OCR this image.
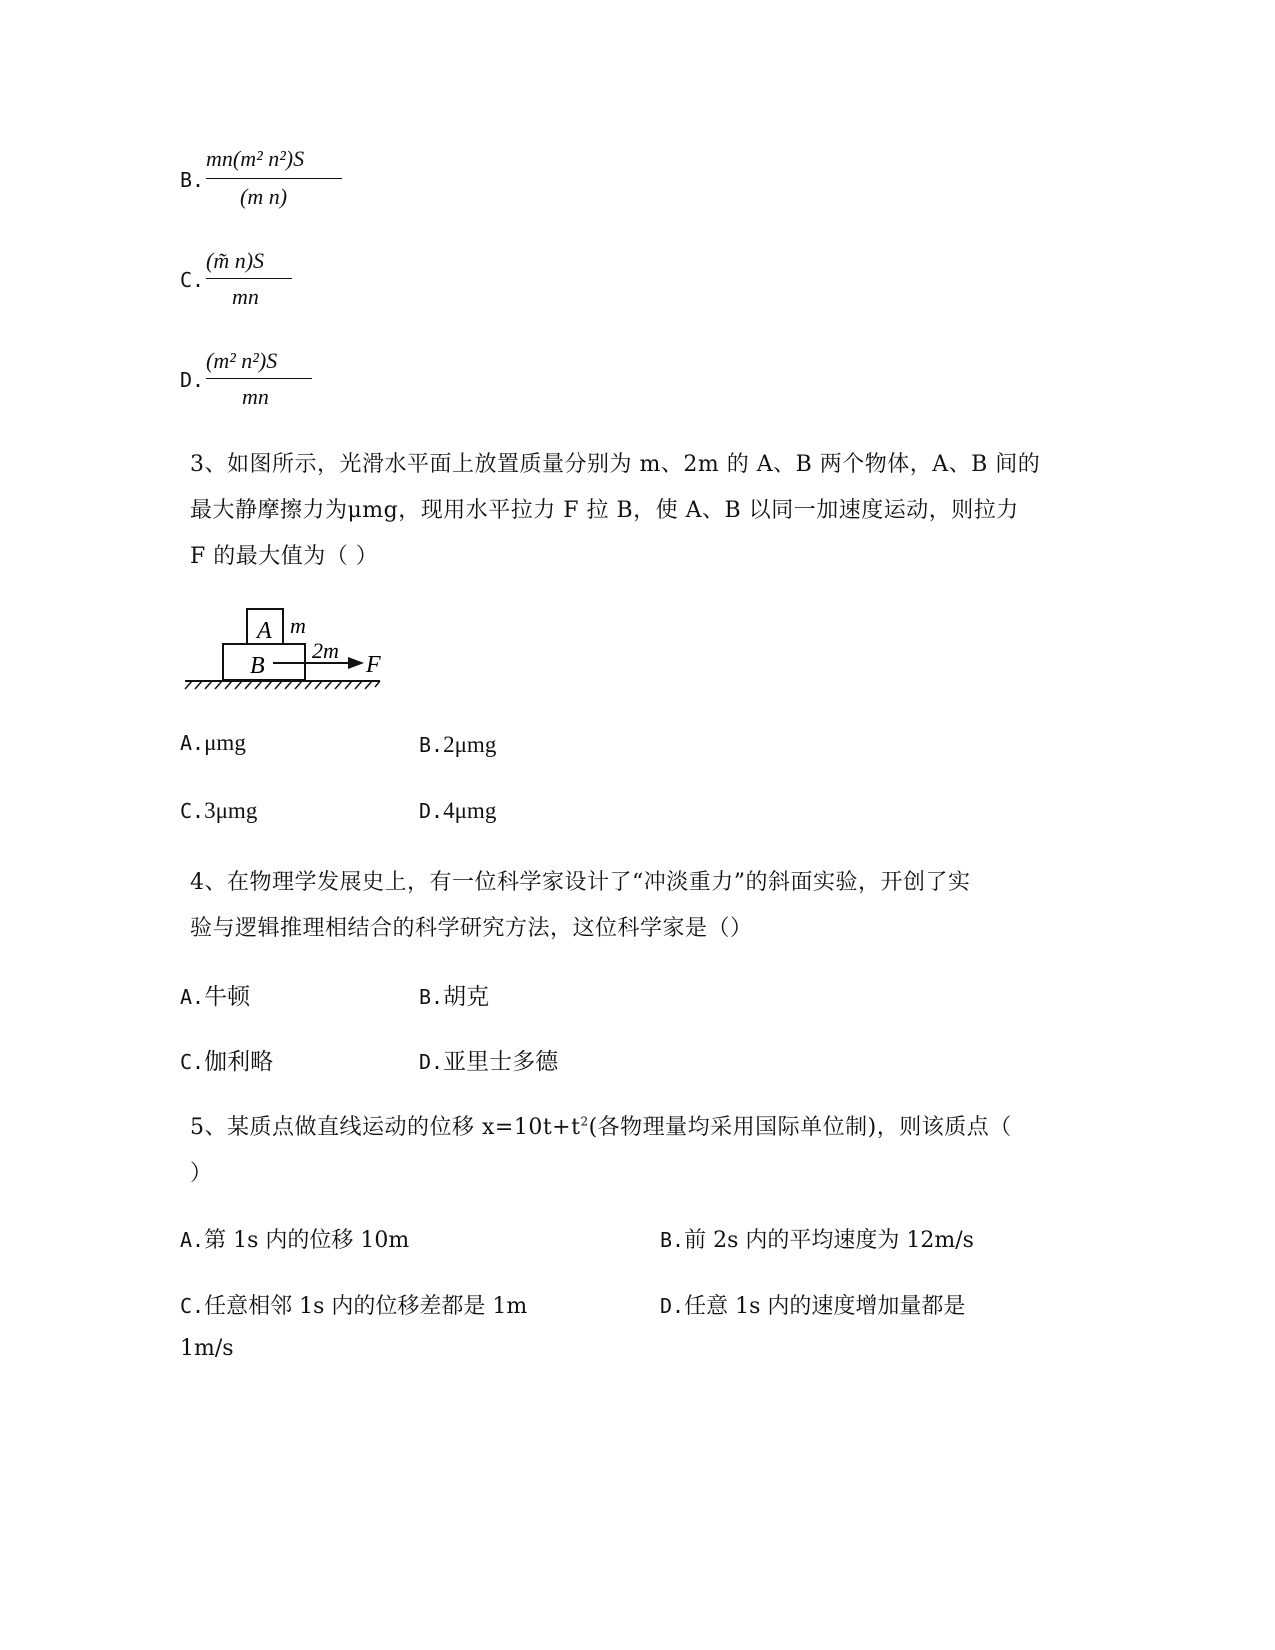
B.
mn(m² n²)S
(m n)
C.
(m̃ n)S
mn
D.
(m² n²)S
mn
3、如图所示，光滑水平面上放置质量分别为 m、2m 的 A、B 两个物体，A、B 间的
最大静摩擦力为μmg，现用水平拉力 F 拉 B，使 A、B 以同一加速度运动，则拉力
F 的最大值为（ ）
A m
B
2m
F
A.μmg	B.2μmg
C.3μmg	D.4μmg
4、在物理学发展史上，有一位科学家设计了“冲淡重力”的斜面实验，开创了实
验与逻辑推理相结合的科学研究方法，这位科学家是（）
A.牛顿	B.胡克
C.伽利略	D.亚里士多德
5、某质点做直线运动的位移 $x=10t+t^2$(各物理量均采用国际单位制)，则该质点（
）
A.第 1s 内的位移 10m	B.前 2s 内的平均速度为 12m/s
C.任意相邻 1s 内的位移差都是 1m	D.任意 1s 内的速度增加量都是
1m/s
